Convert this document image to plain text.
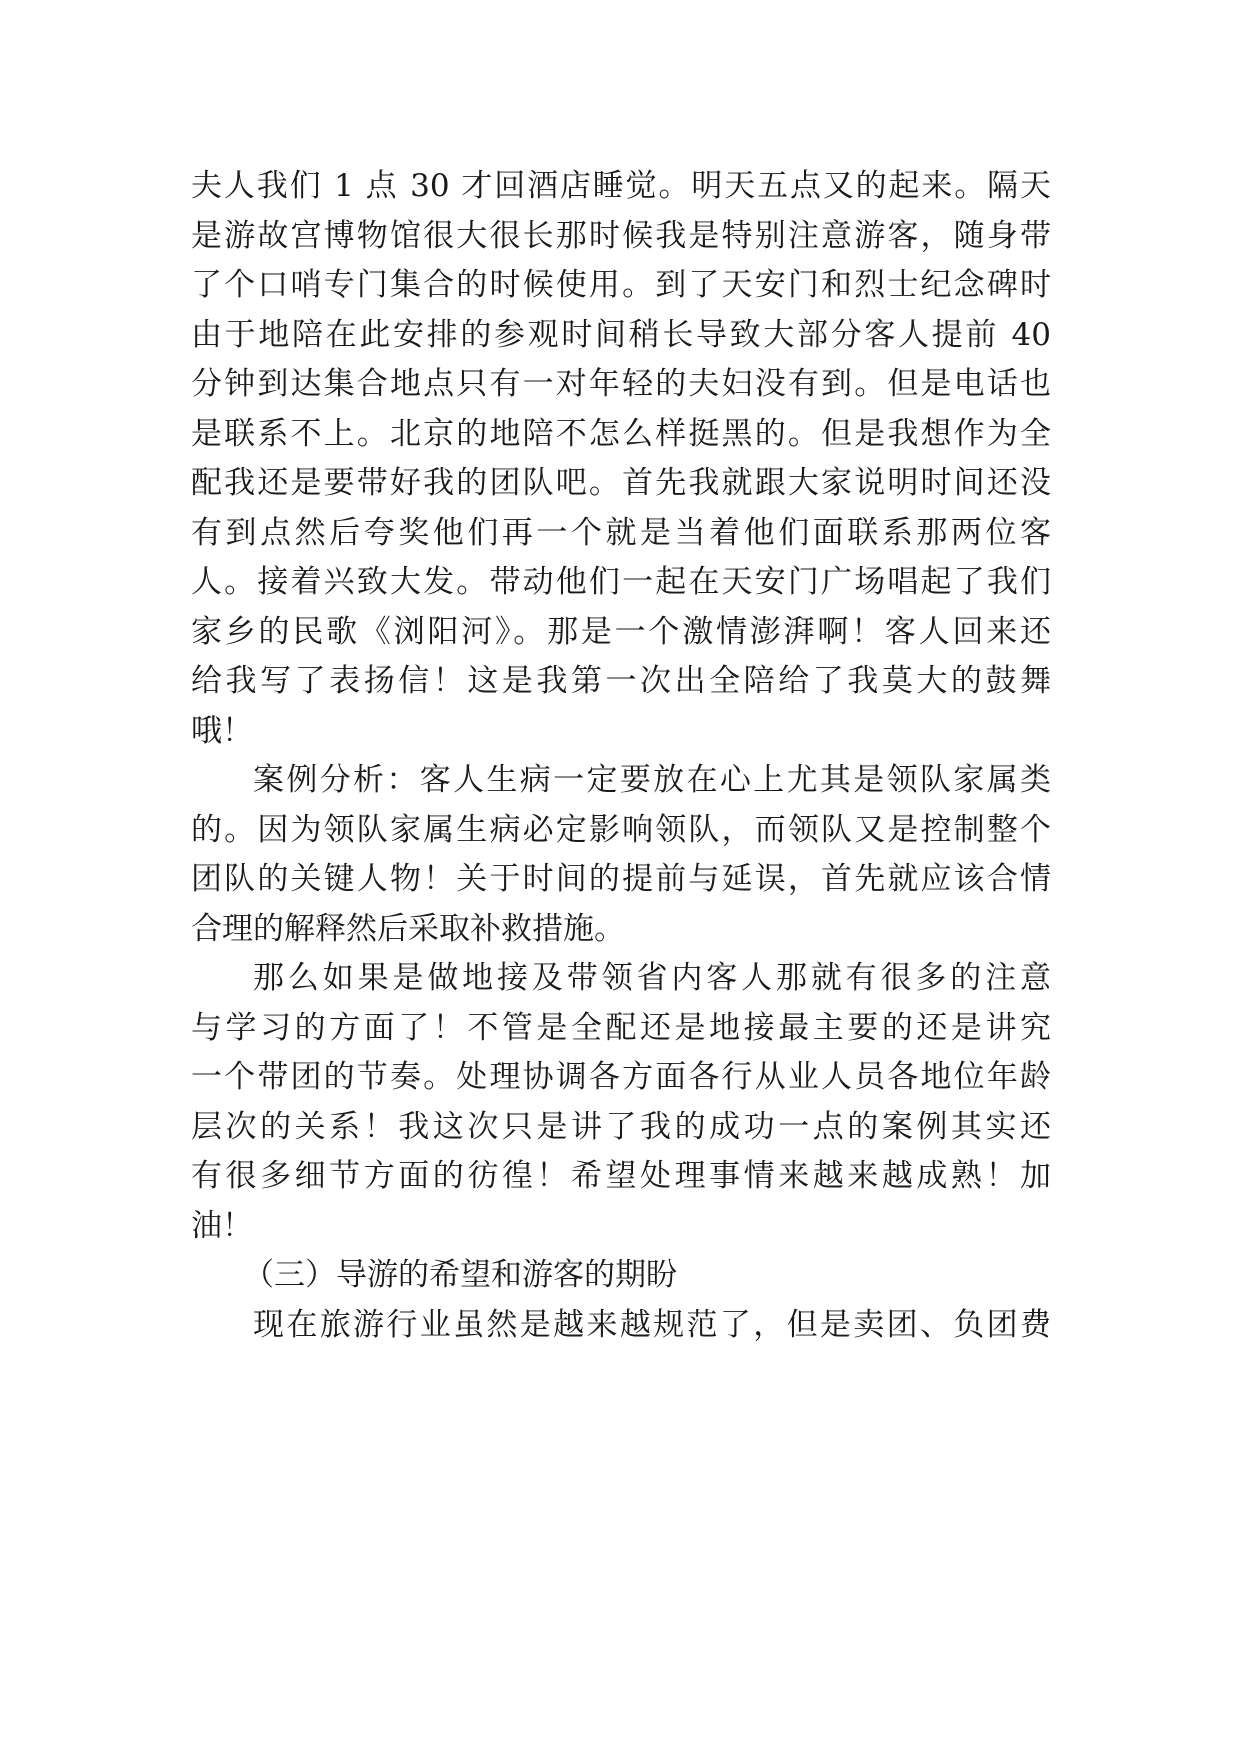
夫人我们 1 点 30 才回酒店睡觉。明天五点又的起来。隔天
是游故宫博物馆很大很长那时候我是特别注意游客，随身带
了个口哨专门集合的时候使用。到了天安门和烈士纪念碑时
由于地陪在此安排的参观时间稍长导致大部分客人提前 40
分钟到达集合地点只有一对年轻的夫妇没有到。但是电话也
是联系不上。北京的地陪不怎么样挺黑的。但是我想作为全
配我还是要带好我的团队吧。首先我就跟大家说明时间还没
有到点然后夸奖他们再一个就是当着他们面联系那两位客
人。接着兴致大发。带动他们一起在天安门广场唱起了我们
家乡的民歌《浏阳河》。那是一个激情澎湃啊！客人回来还
给我写了表扬信！这是我第一次出全陪给了我莫大的鼓舞
哦！
案例分析：客人生病一定要放在心上尤其是领队家属类
的。因为领队家属生病必定影响领队，而领队又是控制整个
团队的关键人物！关于时间的提前与延误，首先就应该合情
合理的解释然后采取补救措施。
那么如果是做地接及带领省内客人那就有很多的注意
与学习的方面了！不管是全配还是地接最主要的还是讲究
一个带团的节奏。处理协调各方面各行从业人员各地位年龄
层次的关系！我这次只是讲了我的成功一点的案例其实还
有很多细节方面的彷徨！希望处理事情来越来越成熟！加
油！
（三）导游的希望和游客的期盼
现在旅游行业虽然是越来越规范了，但是卖团、负团费
